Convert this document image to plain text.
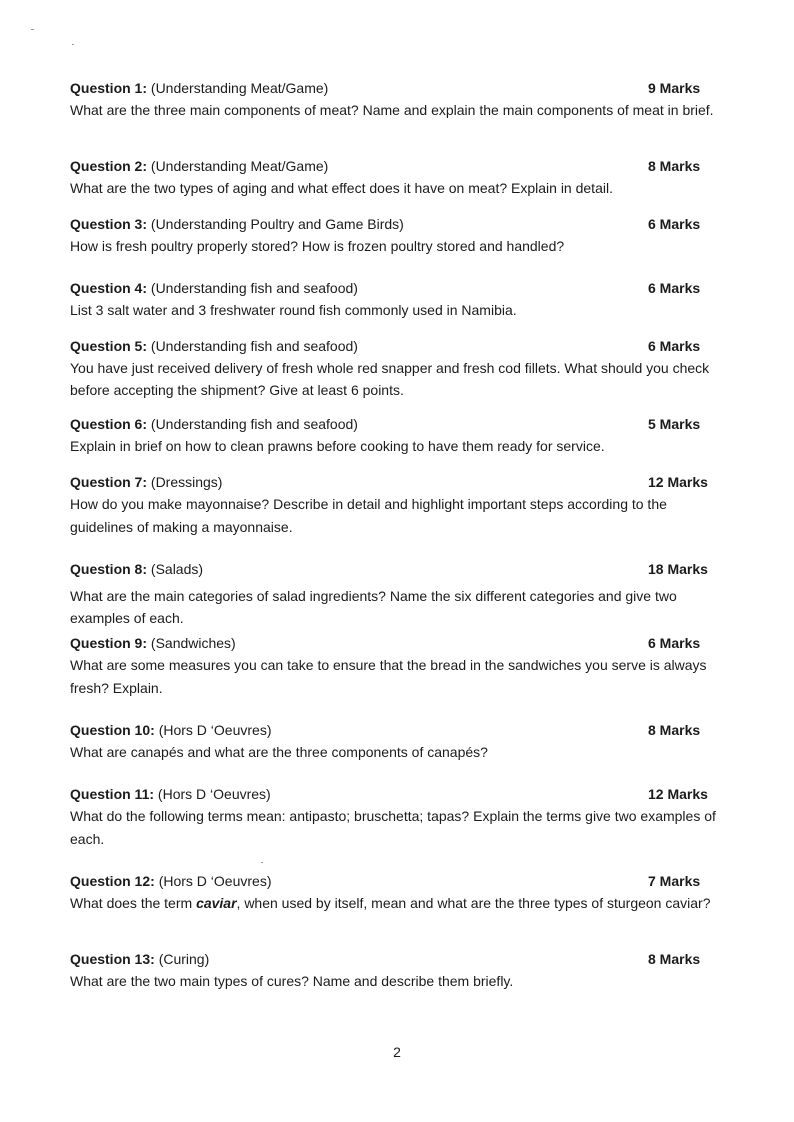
Question 1: (Understanding Meat/Game)	9 Marks

What are the three main components of meat? Name and explain the main components of meat in brief.

Question 2: (Understanding Meat/Game)	8 Marks

What are the two types of aging and what effect does it have on meat? Explain in detail.

Question 3: (Understanding Poultry and Game Birds)	6 Marks

How is fresh poultry properly stored? How is frozen poultry stored and handled?

Question 4: (Understanding fish and seafood)	6 Marks

List 3 salt water and 3 freshwater round fish commonly used in Namibia.

Question 5: (Understanding fish and seafood)	6 Marks

You have just received delivery of fresh whole red snapper and fresh cod fillets. What should you check before accepting the shipment? Give at least 6 points.

Question 6: (Understanding fish and seafood)	5 Marks

Explain in brief on how to clean prawns before cooking to have them ready for service.

Question 7: (Dressings)	12 Marks

How do you make mayonnaise? Describe in detail and highlight important steps according to the guidelines of making a mayonnaise.

Question 8: (Salads)	18 Marks

What are the main categories of salad ingredients? Name the six different categories and give two examples of each.

Question 9: (Sandwiches)	6 Marks

What are some measures you can take to ensure that the bread in the sandwiches you serve is always fresh? Explain.

Question 10: (Hors D ‘Oeuvres)	8 Marks

What are canapés and what are the three components of canapés?

Question 11: (Hors D ‘Oeuvres)	12 Marks

What do the following terms mean: antipasto; bruschetta; tapas? Explain the terms give two examples of each.

Question 12: (Hors D ‘Oeuvres)	7 Marks

What does the term caviar, when used by itself, mean and what are the three types of sturgeon caviar?

Question 13: (Curing)	8 Marks

What are the two main types of cures? Name and describe them briefly.

2
